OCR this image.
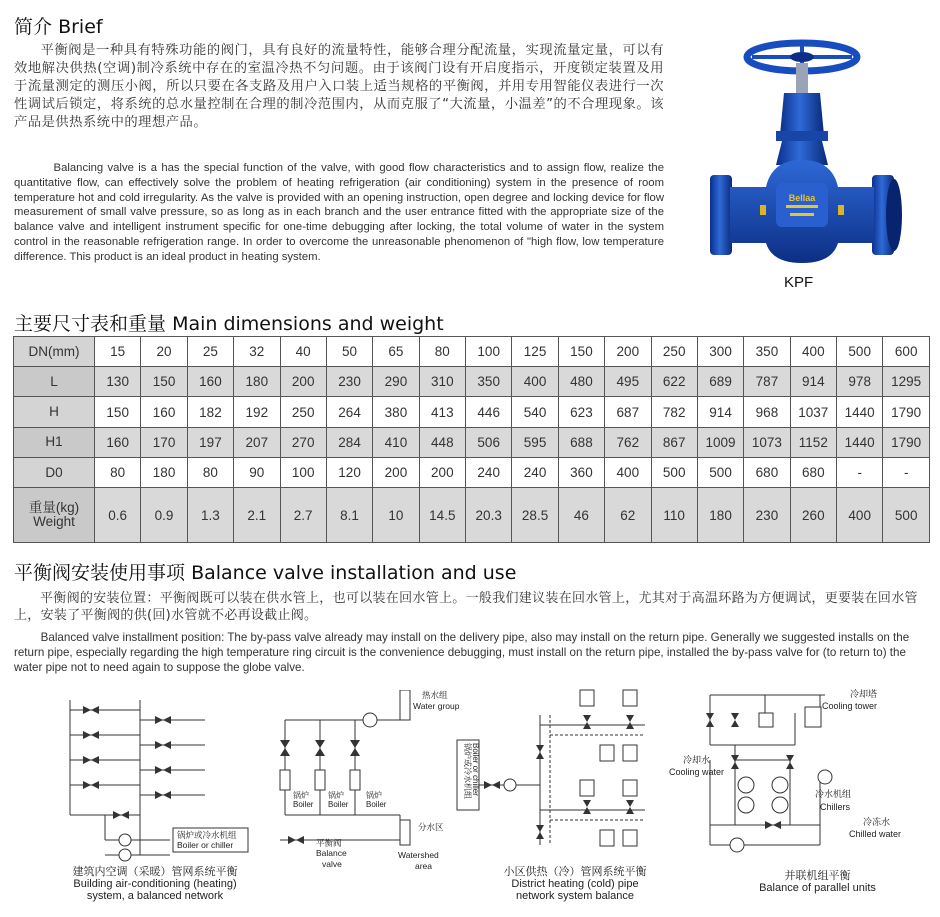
简介 Brief
平衡阀是一种具有特殊功能的阀门，具有良好的流量特性，能够合理分配流量，实现流量定量，可以有效地解决供热(空调)制冷系统中存在的室温冷热不匀问题。由于该阀门设有开启度指示，开度锁定装置及用于流量测定的测压小阀，所以只要在各支路及用户入口装上适当规格的平衡阀，并用专用智能仪表进行一次性调试后锁定，将系统的总水量控制在合理的制冷范围内，从而克服了“大流量，小温差”的不合理现象。该产品是供热系统中的理想产品。
Balancing valve is a has the special function of the valve, with good flow characteristics and to assign flow, realize the quantitative flow, can effectively solve the problem of heating refrigeration (air conditioning) system in the presence of room temperature hot and cold irregularity. As the valve is provided with an opening instruction, open degree and locking device for flow measurement of small valve pressure, so as long as in each branch and the user entrance fitted with the appropriate size of the balance valve and intelligent instrument specific for one-time debugging after locking, the total volume of water in the system control in the reasonable refrigeration range. In order to overcome the unreasonable phenomenon of "high flow, low temperature difference. This product is an ideal product in heating system.
Bellaa
KPF
主要尺寸表和重量 Main dimensions and weight
DN(mm)	15	20	25	32	40	50	65	80	100	125	150	200	250	300	350	400	500	600
L	130	150	160	180	200	230	290	310	350	400	480	495	622	689	787	914	978	1295
H	150	160	182	192	250	264	380	413	446	540	623	687	782	914	968	1037	1440	1790
H1	160	170	197	207	270	284	410	448	506	595	688	762	867	1009	1073	1152	1440	1790
D0	80	180	80	90	100	120	200	200	240	240	360	400	500	500	680	680	-	-

重量(kg)
Weight	0.6	0.9	1.3	2.1	2.7	8.1	10	14.5	20.3	28.5	46	62	110	180	230	260	400	500
平衡阀安装使用事项 Balance valve installation and use
平衡阀的安装位置：平衡阀既可以装在供水管上，也可以装在回水管上。一般我们建议装在回水管上，尤其对于高温环路为方便调试，更要装在回水管上，安装了平衡阀的供(回)水管就不必再设截止阀。
Balanced valve installment position: The by-pass valve already may install on the delivery pipe, also may install on the return pipe. Generally we suggested installs on the return pipe, especially regarding the high temperature ring circuit is the convenience debugging, must install on the return pipe, installed the by-pass valve for (to return to) the water pipe not to need again to suppose the globe valve.
锅炉或冷水机组
Boiler or chiller
建筑内空调（采暖）管网系统平衡
Building air-conditioning (heating)
system, a balanced network
锅炉
Boiler
锅炉
Boiler
锅炉
Boiler
热水组
Water group
平衡阀
Balance
valve
分水区
Watershed
area
锅炉或冷水机组 Boiler or chiller
小区供热（冷）管网系统平衡
District heating (cold) pipe
network system balance
冷却塔
Cooling tower
冷却水
Cooling water
冷水机组
Chillers
冷冻水
Chilled water
并联机组平衡
Balance of parallel units
